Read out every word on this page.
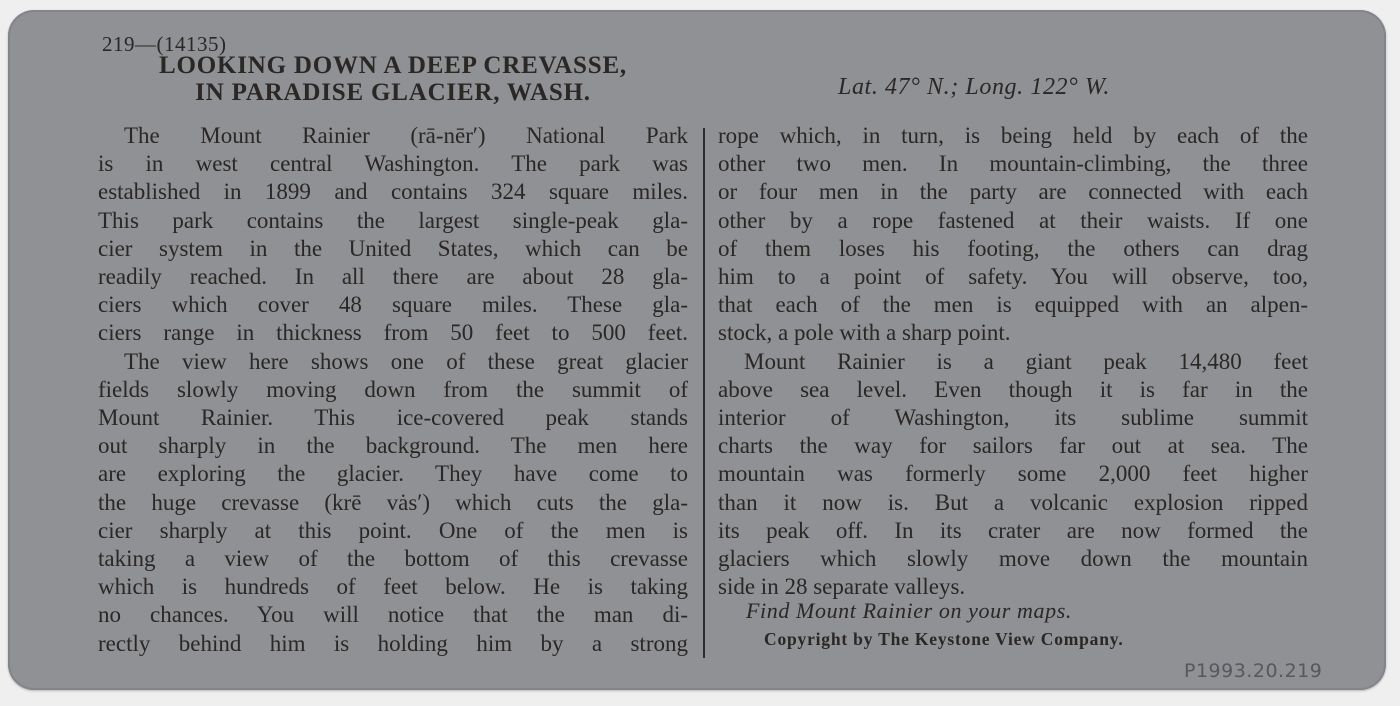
219—(14135)
LOOKING DOWN A DEEP CREVASSE,
IN PARADISE GLACIER, WASH.	Lat. 47° N.; Long. 122° W.
The Mount Rainier (rā-nēr′) National Park
is in west central Washington. The park was
established in 1899 and contains 324 square miles.
This park contains the largest single-peak gla-
cier system in the United States, which can be
readily reached. In all there are about 28 gla-
ciers which cover 48 square miles. These gla-
ciers range in thickness from 50 feet to 500 feet.
The view here shows one of these great glacier
fields slowly moving down from the summit of
Mount Rainier. This ice-covered peak stands
out sharply in the background. The men here
are exploring the glacier. They have come to
the huge crevasse (krē vȧs′) which cuts the gla-
cier sharply at this point. One of the men is
taking a view of the bottom of this crevasse
which is hundreds of feet below. He is taking
no chances. You will notice that the man di-
rectly behind him is holding him by a strong
rope which, in turn, is being held by each of the
other two men. In mountain-climbing, the three
or four men in the party are connected with each
other by a rope fastened at their waists. If one
of them loses his footing, the others can drag
him to a point of safety. You will observe, too,
that each of the men is equipped with an alpen-
stock, a pole with a sharp point.
Mount Rainier is a giant peak 14,480 feet
above sea level. Even though it is far in the
interior of Washington, its sublime summit
charts the way for sailors far out at sea. The
mountain was formerly some 2,000 feet higher
than it now is. But a volcanic explosion ripped
its peak off. In its crater are now formed the
glaciers which slowly move down the mountain
side in 28 separate valleys.
Find Mount Rainier on your maps.
Copyright by The Keystone View Company.
P1993.20.219
